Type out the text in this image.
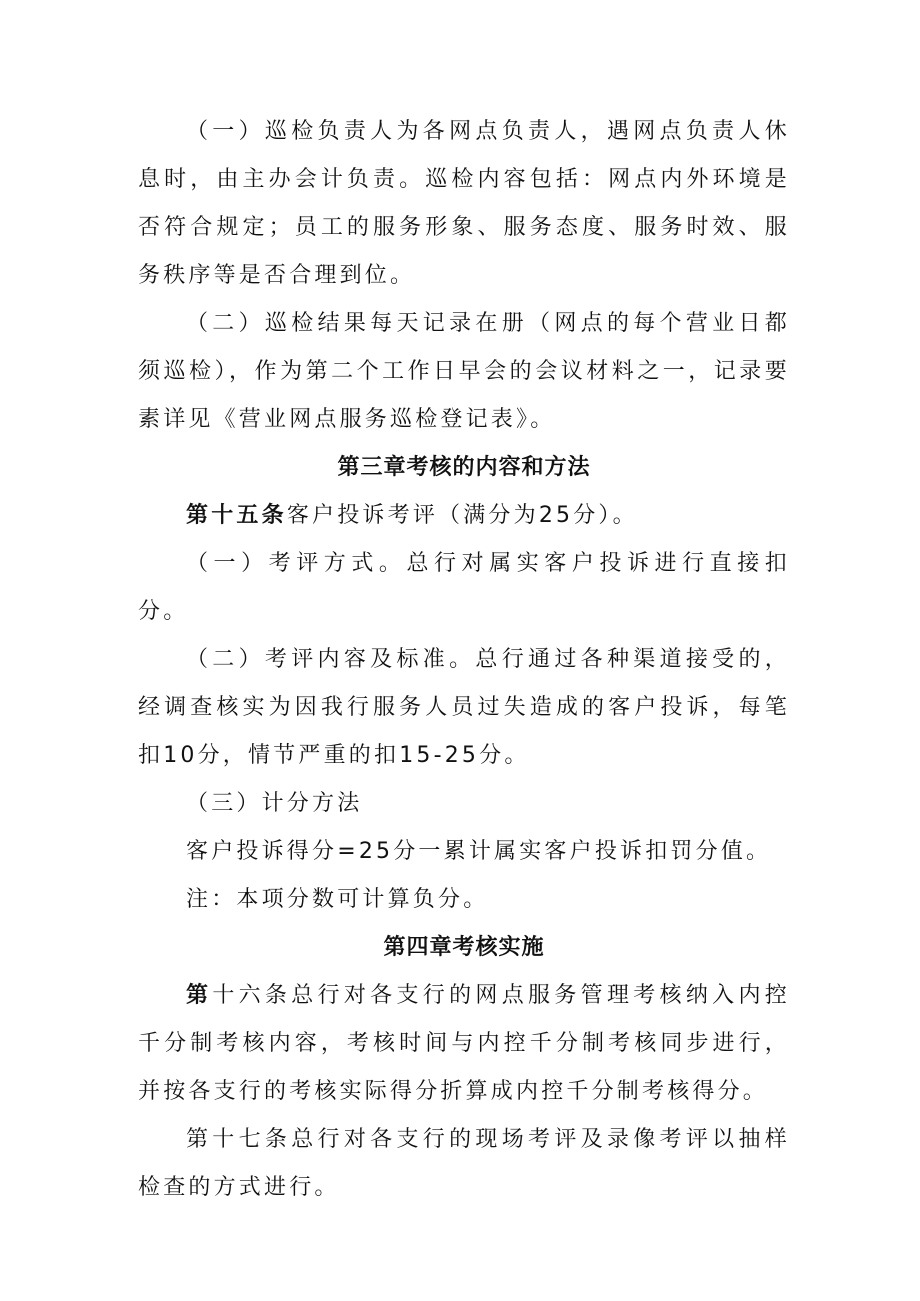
（一）巡检负责人为各网点负责人，遇网点负责人休息时，由主办会计负责。巡检内容包括：网点内外环境是否符合规定；员工的服务形象、服务态度、服务时效、服务秩序等是否合理到位。

（二）巡检结果每天记录在册（网点的每个营业日都须巡检），作为第二个工作日早会的会议材料之一，记录要素详见《营业网点服务巡检登记表》。

第三章考核的内容和方法

第十五条客户投诉考评（满分为25分）。

（一）考评方式。总行对属实客户投诉进行直接扣分。

（二）考评内容及标准。总行通过各种渠道接受的，经调查核实为因我行服务人员过失造成的客户投诉，每笔扣10分，情节严重的扣15-25分。

（三）计分方法

客户投诉得分=25分一累计属实客户投诉扣罚分值。

注：本项分数可计算负分。

第四章考核实施

第十六条总行对各支行的网点服务管理考核纳入内控千分制考核内容，考核时间与内控千分制考核同步进行，并按各支行的考核实际得分折算成内控千分制考核得分。

第十七条总行对各支行的现场考评及录像考评以抽样检查的方式进行。
